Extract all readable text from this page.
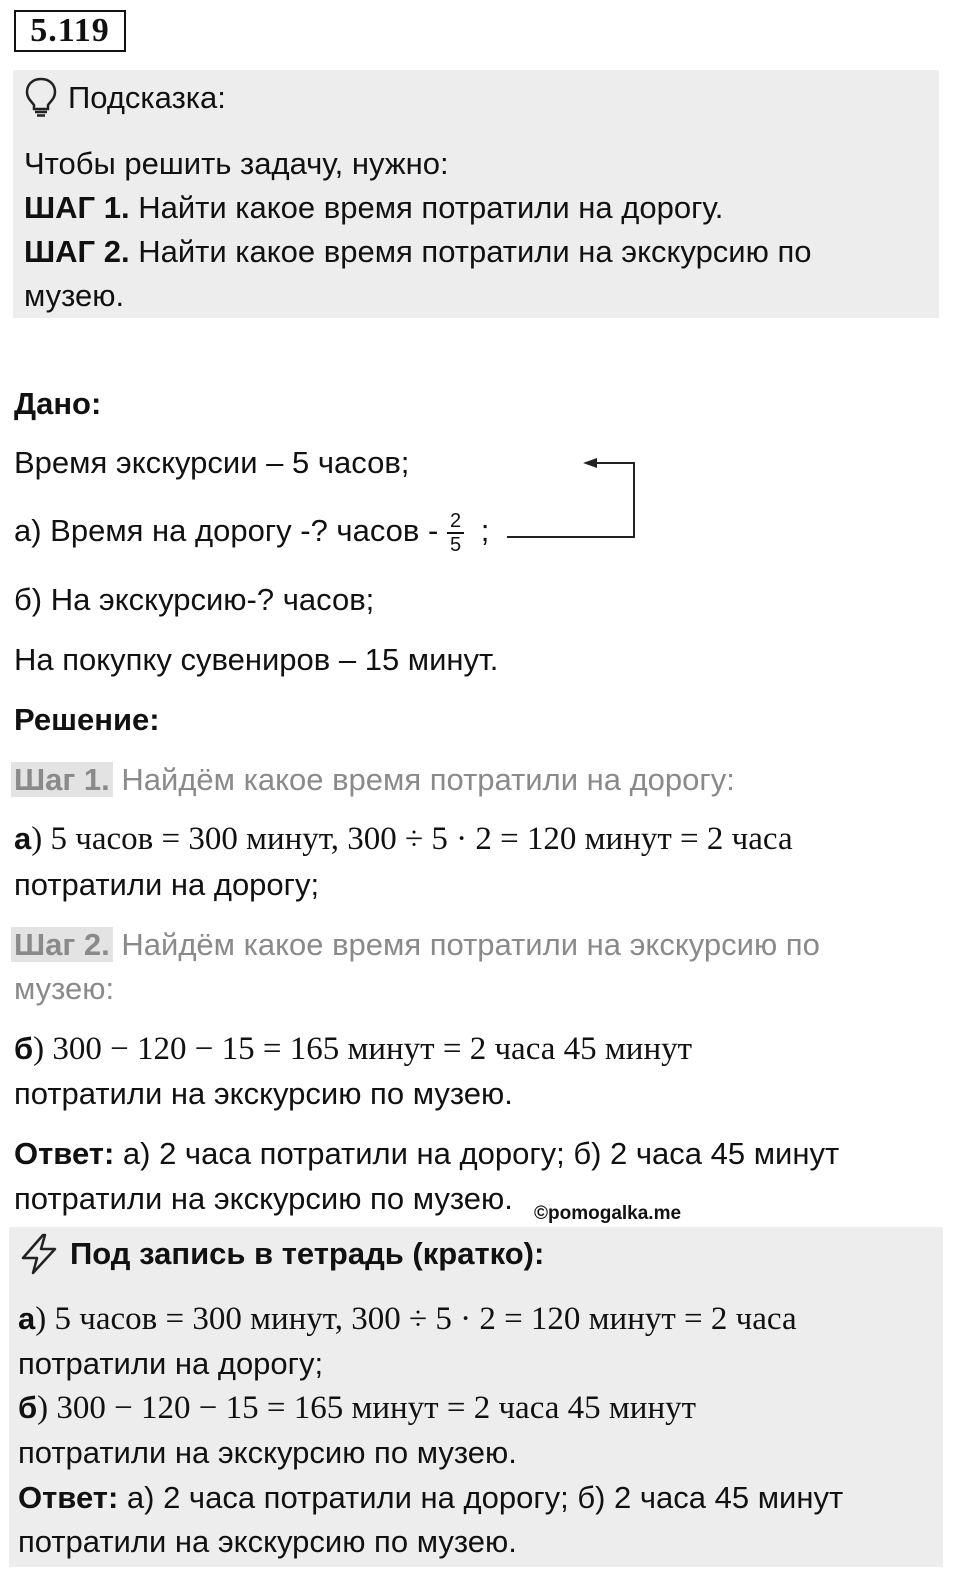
5.119
Подсказка:
Чтобы решить задачу, нужно:
ШАГ 1. Найти какое время потратили на дорогу.
ШАГ 2. Найти какое время потратили на экскурсию по
музею.
Дано:
Время экскурсии – 5 часов;
а) Время на дорогу -? часов - $\frac{2}{5}$ ;
б) На экскурсию-? часов;
На покупку сувениров – 15 минут.
Решение:
Шаг 1. Найдём какое время потратили на дорогу:
а) 5 часов = 300 минут, 300 ÷ 5 · 2 = 120 минут = 2 часа
потратили на дорогу;
Шаг 2. Найдём какое время потратили на экскурсию по
музею:
б) 300 − 120 − 15 = 165 минут = 2 часа 45 минут
потратили на экскурсию по музею.
Ответ: а) 2 часа потратили на дорогу; б) 2 часа 45 минут
потратили на экскурсию по музею. ©pomogalka.me
Под запись в тетрадь (кратко):
а) 5 часов = 300 минут, 300 ÷ 5 · 2 = 120 минут = 2 часа
потратили на дорогу;
б) 300 − 120 − 15 = 165 минут = 2 часа 45 минут
потратили на экскурсию по музею.
Ответ: а) 2 часа потратили на дорогу; б) 2 часа 45 минут
потратили на экскурсию по музею.
